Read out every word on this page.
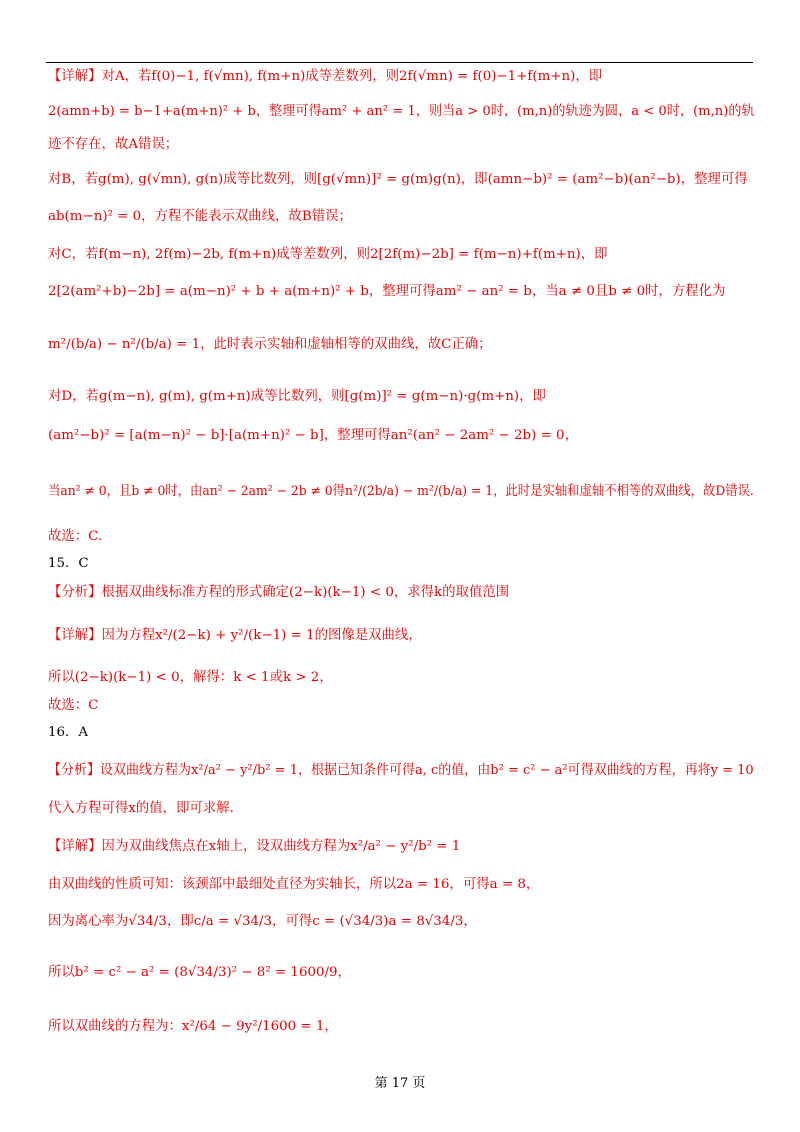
【详解】对A，若f(0)−1, f(√mn), f(m+n)成等差数列，则2f(√mn) = f(0)−1+f(m+n)，即
2(amn+b) = b−1+a(m+n)² + b，整理可得am² + an² = 1，则当a > 0时，(m,n)的轨迹为圆，a < 0时，(m,n)的轨
迹不存在，故A错误；
对B，若g(m), g(√mn), g(n)成等比数列，则[g(√mn)]² = g(m)g(n)，即(amn−b)² = (am²−b)(an²−b)，整理可得
ab(m−n)² = 0，方程不能表示双曲线，故B错误；
对C，若f(m−n), 2f(m)−2b, f(m+n)成等差数列，则2[2f(m)−2b] = f(m−n)+f(m+n)，即
2[2(am²+b)−2b] = a(m−n)² + b + a(m+n)² + b，整理可得am² − an² = b，当a ≠ 0且b ≠ 0时，方程化为
m²/(b/a) − n²/(b/a) = 1，此时表示实轴和虚轴相等的双曲线，故C正确；
对D，若g(m−n), g(m), g(m+n)成等比数列，则[g(m)]² = g(m−n)·g(m+n)，即
(am²−b)² = [a(m−n)² − b]·[a(m+n)² − b]，整理可得an²(an² − 2am² − 2b) = 0，
当an² ≠ 0，且b ≠ 0时，由an² − 2am² − 2b ≠ 0得n²/(2b/a) − m²/(b/a) = 1，此时是实轴和虚轴不相等的双曲线，故D错误.
故选：C.
15．C
【分析】根据双曲线标准方程的形式确定(2−k)(k−1) < 0，求得k的取值范围
【详解】因为方程x²/(2−k) + y²/(k−1) = 1的图像是双曲线，
所以(2−k)(k−1) < 0，解得：k < 1或k > 2，
故选：C
16．A
【分析】设双曲线方程为x²/a² − y²/b² = 1，根据已知条件可得a, c的值，由b² = c² − a²可得双曲线的方程，再将y = 10
代入方程可得x的值，即可求解.
【详解】因为双曲线焦点在x轴上，设双曲线方程为x²/a² − y²/b² = 1
由双曲线的性质可知：该颈部中最细处直径为实轴长，所以2a = 16，可得a = 8，
因为离心率为√34/3，即c/a = √34/3，可得c = (√34/3)a = 8√34/3，
所以b² = c² − a² = (8√34/3)² − 8² = 1600/9，
所以双曲线的方程为：x²/64 − 9y²/1600 = 1，
第 17 页
